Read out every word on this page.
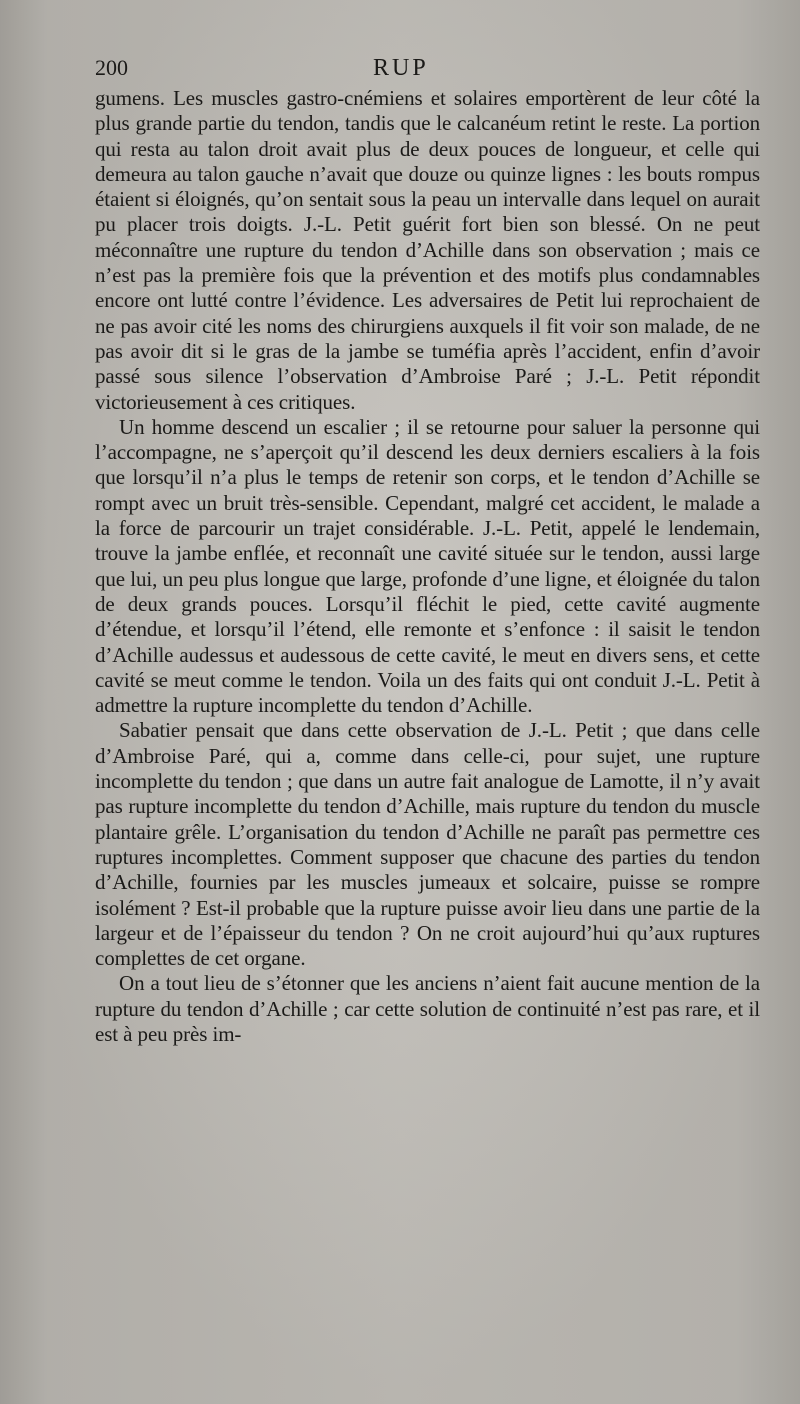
200	RUP

gumens. Les muscles gastro-cnémiens et solaires emportèrent de leur côté la plus grande partie du tendon, tandis que le calcanéum retint le reste. La portion qui resta au talon droit avait plus de deux pouces de longueur, et celle qui demeura au talon gauche n’avait que douze ou quinze lignes : les bouts rompus étaient si éloignés, qu’on sentait sous la peau un intervalle dans lequel on aurait pu placer trois doigts. J.-L. Petit guérit fort bien son blessé. On ne peut méconnaître une rupture du tendon d’Achille dans son observation ; mais ce n’est pas la première fois que la prévention et des motifs plus condamnables encore ont lutté contre l’évidence. Les adversaires de Petit lui reprochaient de ne pas avoir cité les noms des chirurgiens auxquels il fit voir son malade, de ne pas avoir dit si le gras de la jambe se tuméfia après l’accident, enfin d’avoir passé sous silence l’observation d’Ambroise Paré ; J.-L. Petit répondit victorieusement à ces critiques.

Un homme descend un escalier ; il se retourne pour saluer la personne qui l’accompagne, ne s’aperçoit qu’il descend les deux derniers escaliers à la fois que lorsqu’il n’a plus le temps de retenir son corps, et le tendon d’Achille se rompt avec un bruit très-sensible. Cependant, malgré cet accident, le malade a la force de parcourir un trajet considérable. J.-L. Petit, appelé le lendemain, trouve la jambe enflée, et reconnaît une cavité située sur le tendon, aussi large que lui, un peu plus longue que large, profonde d’une ligne, et éloignée du talon de deux grands pouces. Lorsqu’il fléchit le pied, cette cavité augmente d’étendue, et lorsqu’il l’étend, elle remonte et s’enfonce : il saisit le tendon d’Achille audessus et audessous de cette cavité, le meut en divers sens, et cette cavité se meut comme le tendon. Voila un des faits qui ont conduit J.-L. Petit à admettre la rupture incomplette du tendon d’Achille.

Sabatier pensait que dans cette observation de J.-L. Petit ; que dans celle d’Ambroise Paré, qui a, comme dans celle-ci, pour sujet, une rupture incomplette du tendon ; que dans un autre fait analogue de Lamotte, il n’y avait pas rupture incomplette du tendon d’Achille, mais rupture du tendon du muscle plantaire grêle. L’organisation du tendon d’Achille ne paraît pas permettre ces ruptures incomplettes. Comment supposer que chacune des parties du tendon d’Achille, fournies par les muscles jumeaux et solcaire, puisse se rompre isolément ? Est-il probable que la rupture puisse avoir lieu dans une partie de la largeur et de l’épaisseur du tendon ? On ne croit aujourd’hui qu’aux ruptures complettes de cet organe.

On a tout lieu de s’étonner que les anciens n’aient fait aucune mention de la rupture du tendon d’Achille ; car cette solution de continuité n’est pas rare, et il est à peu près im-
